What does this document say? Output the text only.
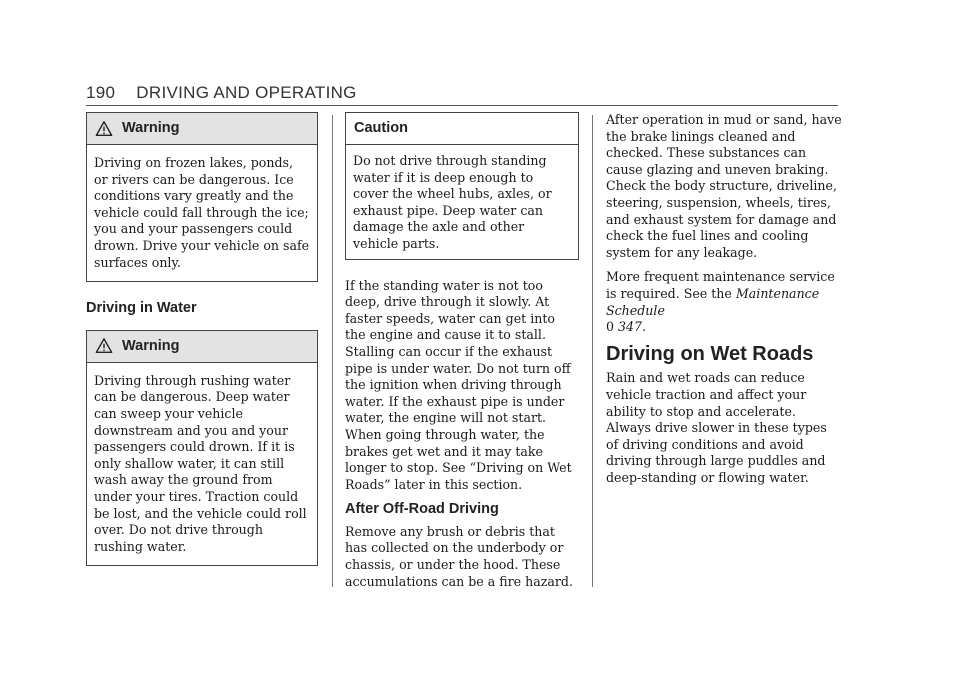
190 DRIVING AND OPERATING
Warning

Driving on frozen lakes, ponds, or rivers can be dangerous. Ice conditions vary greatly and the vehicle could fall through the ice; you and your passengers could drown. Drive your vehicle on safe surfaces only.

Driving in Water

Warning

Driving through rushing water can be dangerous. Deep water can sweep your vehicle downstream and you and your passengers could drown. If it is only shallow water, it can still wash away the ground from under your tires. Traction could be lost, and the vehicle could roll over. Do not drive through rushing water.

Caution

Do not drive through standing water if it is deep enough to cover the wheel hubs, axles, or exhaust pipe. Deep water can damage the axle and other vehicle parts.

If the standing water is not too deep, drive through it slowly. At faster speeds, water can get into the engine and cause it to stall. Stalling can occur if the exhaust pipe is under water. Do not turn off the ignition when driving through water. If the exhaust pipe is under water, the engine will not start. When going through water, the brakes get wet and it may take longer to stop. See “Driving on Wet Roads” later in this section.

After Off-Road Driving

Remove any brush or debris that has collected on the underbody or chassis, or under the hood. These accumulations can be a fire hazard.

After operation in mud or sand, have the brake linings cleaned and checked. These substances can cause glazing and uneven braking. Check the body structure, driveline, steering, suspension, wheels, tires, and exhaust system for damage and check the fuel lines and cooling system for any leakage.

More frequent maintenance service is required. See the Maintenance Schedule
0 347.

Driving on Wet Roads

Rain and wet roads can reduce vehicle traction and affect your ability to stop and accelerate. Always drive slower in these types of driving conditions and avoid driving through large puddles and deep-standing or flowing water.
